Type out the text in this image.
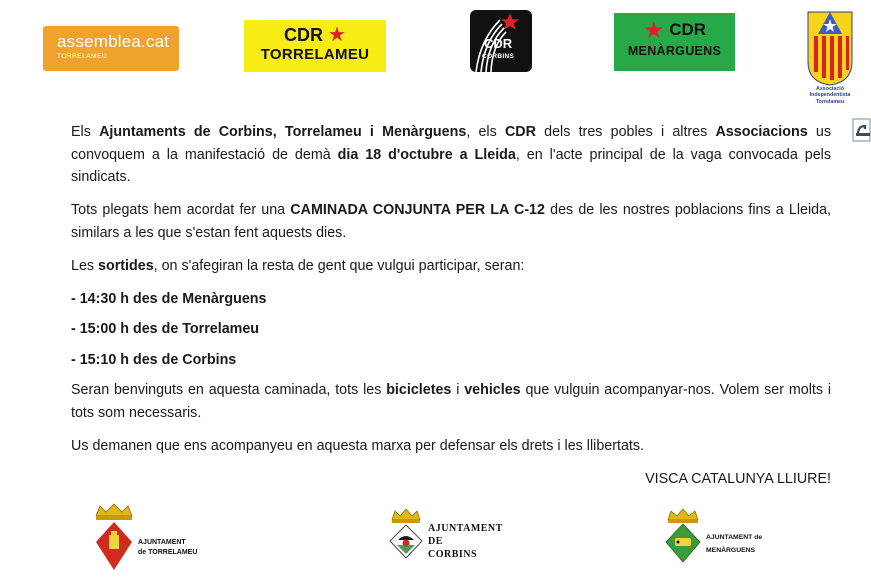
assemblea.cat
TORRELAMEU
CDR ★
TORRELAMEU
CDR
CORBINS
★ CDR
MENÀRGUENS
Associació
Independentista
Torrelameu

Els Ajuntaments de Corbins, Torrelameu i Menàrguens, els CDR dels tres pobles i altres Associacions us convoquem a la manifestació de demà dia 18 d'octubre a Lleida, en l'acte principal de la vaga convocada pels sindicats.

Tots plegats hem acordat fer una CAMINADA CONJUNTA PER LA C-12 des de les nostres poblacions fins a Lleida, similars a les que s'estan fent aquests dies.

Les sortides, on s'afegiran la resta de gent que vulgui participar, seran:

- 14:30 h des de Menàrguens

- 15:00 h des de Torrelameu

- 15:10 h des de Corbins

Seran benvinguts en aquesta caminada, tots les bicicletes i vehicles que vulguin acompanyar-nos. Volem ser molts i tots som necessaris.

Us demanen que ens acompanyeu en aquesta marxa per defensar els drets i les llibertats.

VISCA CATALUNYA LLIURE!

AJUNTAMENT
de TORRELAMEU
AJUNTAMENT
DE
CORBINS
AJUNTAMENT de
MENÀRGUENS
